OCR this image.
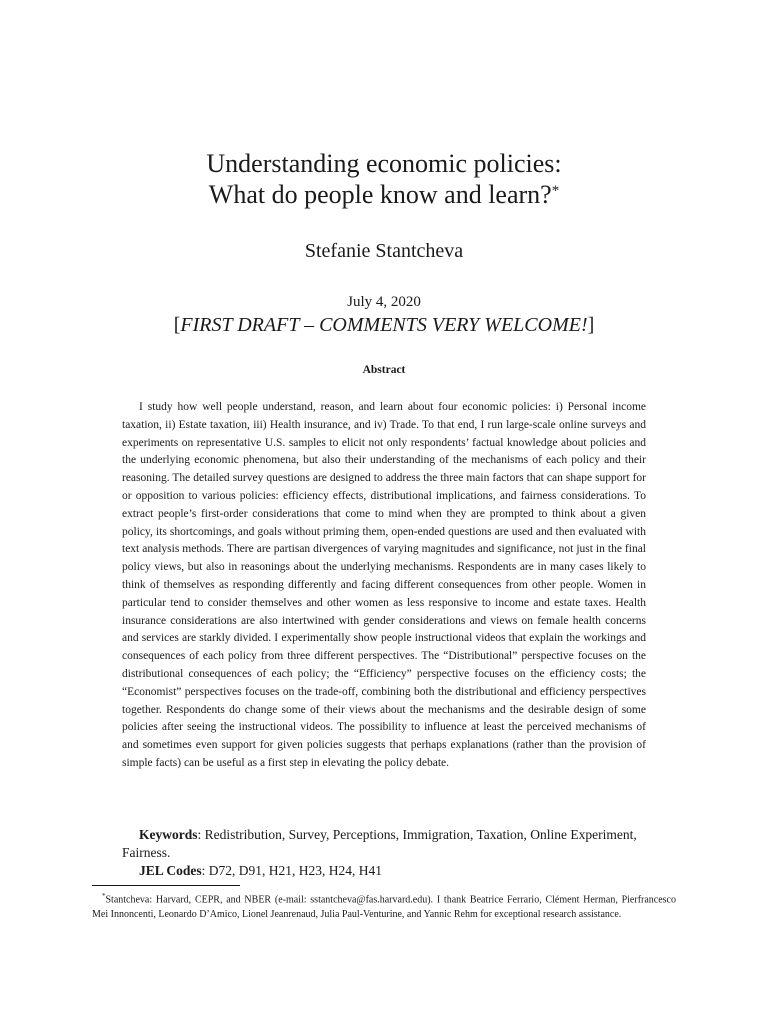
Understanding economic policies:
What do people know and learn?*
Stefanie Stantcheva
July 4, 2020
[FIRST DRAFT – COMMENTS VERY WELCOME!]
Abstract
I study how well people understand, reason, and learn about four economic policies: i) Personal income taxation, ii) Estate taxation, iii) Health insurance, and iv) Trade. To that end, I run large-scale online surveys and experiments on representative U.S. samples to elicit not only respondents’ factual knowledge about policies and the underlying economic phenomena, but also their understanding of the mechanisms of each policy and their reasoning. The detailed survey questions are designed to address the three main factors that can shape support for or opposition to various policies: efficiency effects, distributional implications, and fairness considerations. To extract people’s first-order considerations that come to mind when they are prompted to think about a given policy, its shortcomings, and goals without priming them, open-ended questions are used and then evaluated with text analysis methods. There are partisan divergences of varying magnitudes and significance, not just in the final policy views, but also in reasonings about the underlying mechanisms. Respondents are in many cases likely to think of themselves as responding differently and facing different consequences from other people. Women in particular tend to consider themselves and other women as less responsive to income and estate taxes. Health insurance considerations are also intertwined with gender considerations and views on female health concerns and services are starkly divided. I experimentally show people instructional videos that explain the workings and consequences of each policy from three different perspectives. The “Distributional” perspective focuses on the distributional consequences of each policy; the “Efficiency” perspective focuses on the efficiency costs; the “Economist” perspectives focuses on the trade-off, combining both the distributional and efficiency perspectives together. Respondents do change some of their views about the mechanisms and the desirable design of some policies after seeing the instructional videos. The possibility to influence at least the perceived mechanisms of and sometimes even support for given policies suggests that perhaps explanations (rather than the provision of simple facts) can be useful as a first step in elevating the policy debate.
Keywords: Redistribution, Survey, Perceptions, Immigration, Taxation, Online Experiment, Fairness.
JEL Codes: D72, D91, H21, H23, H24, H41
*Stantcheva: Harvard, CEPR, and NBER (e-mail: sstantcheva@fas.harvard.edu). I thank Beatrice Ferrario, Clément Herman, Pierfrancesco Mei Innoncenti, Leonardo D’Amico, Lionel Jeanrenaud, Julia Paul-Venturine, and Yannic Rehm for exceptional research assistance.
